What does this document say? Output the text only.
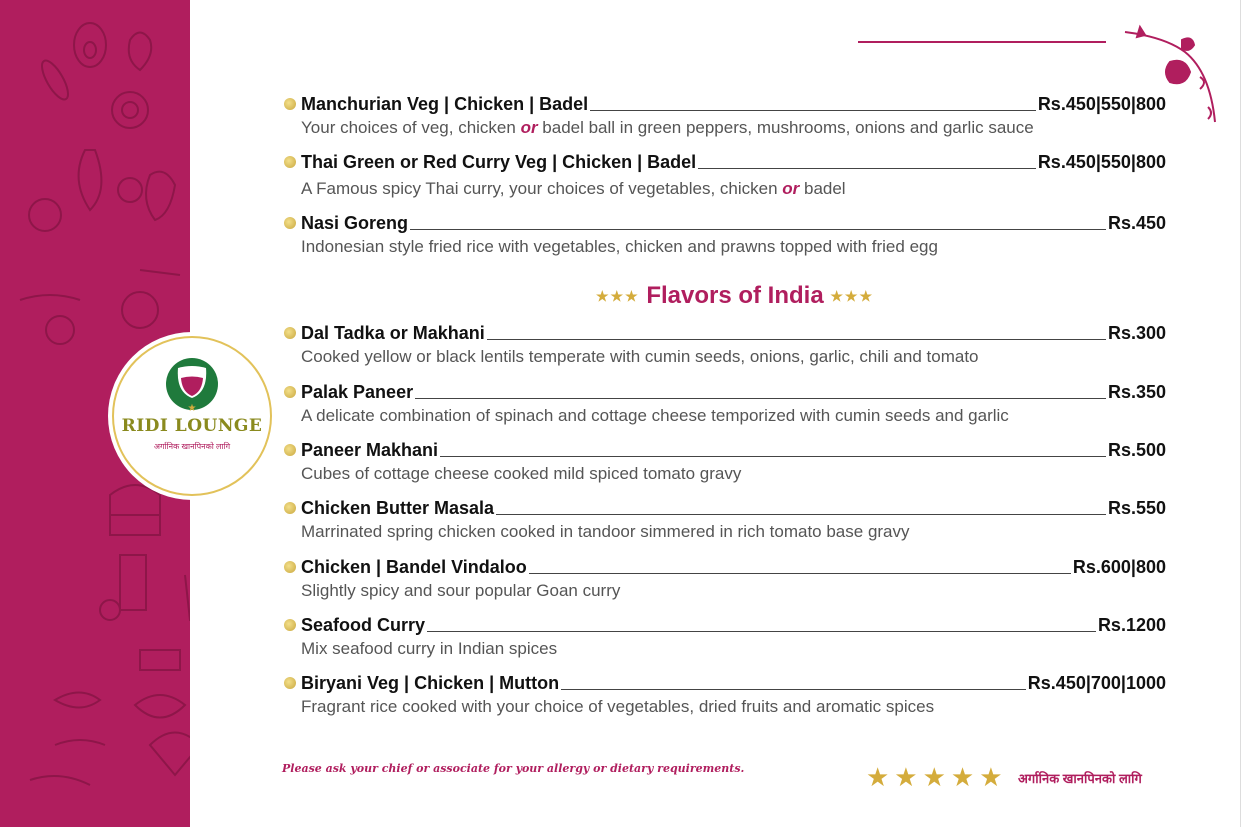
★
RIDI LOUNGE
अर्गानिक खानपिनको लागि
Manchurian Veg | Chicken | Badel	Rs.450|550|800
Your choices of veg, chicken or badel ball in green peppers, mushrooms, onions and garlic sauce
Thai Green or Red Curry Veg | Chicken | Badel	Rs.450|550|800
A Famous spicy Thai curry, your choices of vegetables, chicken or badel
Nasi Goreng	Rs.450
Indonesian style fried rice with vegetables, chicken and prawns topped with fried egg
★★★ Flavors of India ★★★
Dal Tadka or Makhani	Rs.300
Cooked yellow or black lentils temperate with cumin seeds, onions, garlic, chili and tomato
Palak Paneer	Rs.350
A delicate combination of spinach and cottage cheese temporized with cumin seeds and garlic
Paneer Makhani	Rs.500
Cubes of cottage cheese cooked mild spiced tomato gravy
Chicken Butter Masala	Rs.550
Marrinated spring chicken cooked in tandoor simmered in rich tomato base gravy
Chicken | Bandel Vindaloo	Rs.600|800
Slightly spicy and sour popular Goan curry
Seafood Curry	Rs.1200
Mix seafood curry in Indian spices
Biryani Veg | Chicken | Mutton	Rs.450|700|1000
Fragrant rice cooked with your choice of vegetables, dried fruits and aromatic spices
Please ask your chief or associate for your allergy or dietary requirements.	★★★★★ अर्गानिक खानपिनको लागि
